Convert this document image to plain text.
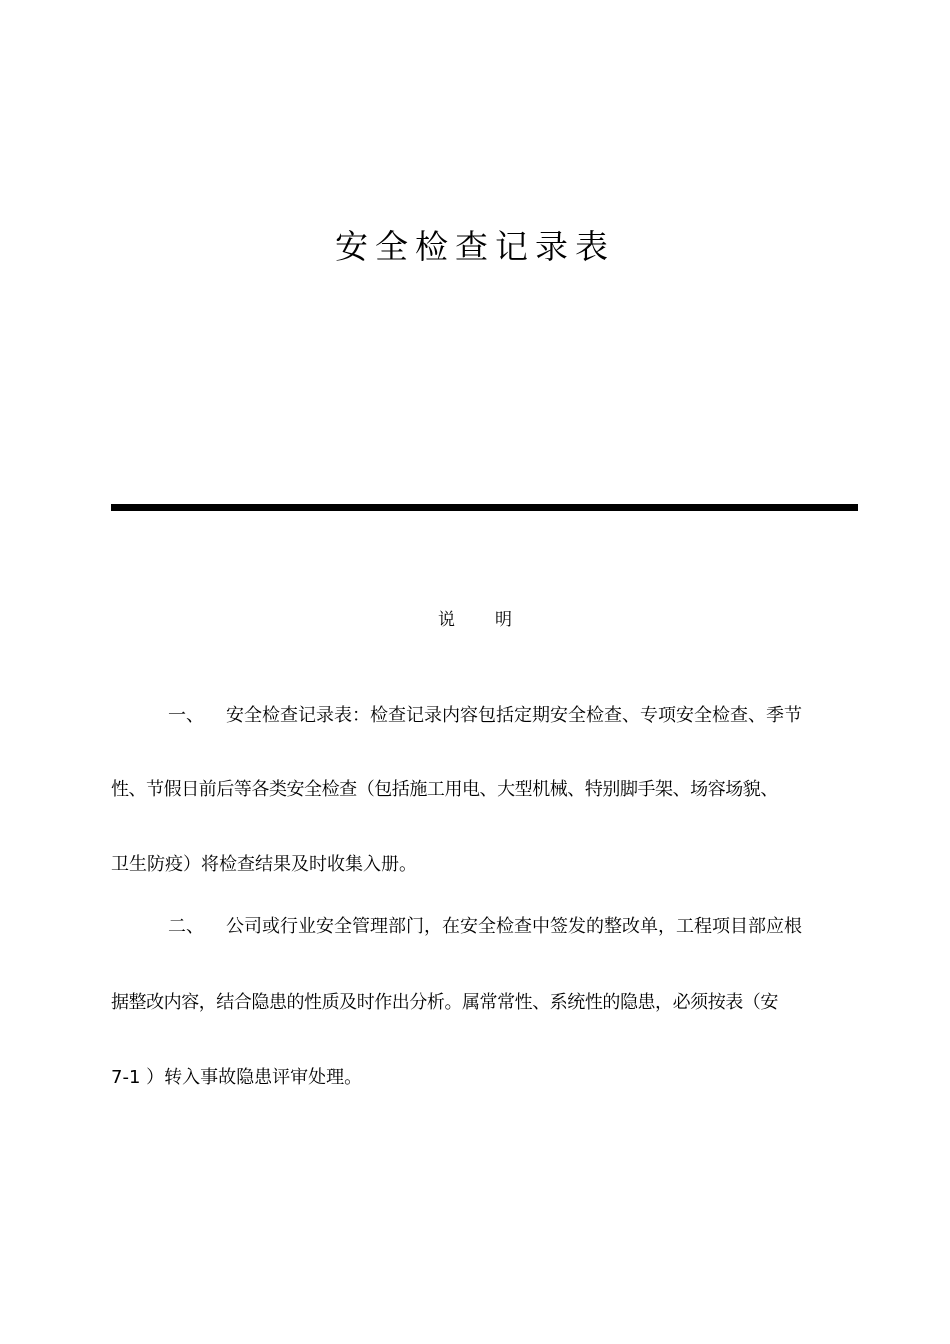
安全检查记录表
说 明
一、 安全检查记录表：检查记录内容包括定期安全检查、专项安全检查、季节
性、节假日前后等各类安全检查（包括施工用电、大型机械、特别脚手架、场容场貌、
卫生防疫）将检查结果及时收集入册。
二、 公司或行业安全管理部门，在安全检查中签发的整改单，工程项目部应根
据整改内容，结合隐患的性质及时作出分析。属常常性、系统性的隐患，必须按表（安
7-1 ）转入事故隐患评审处理。
